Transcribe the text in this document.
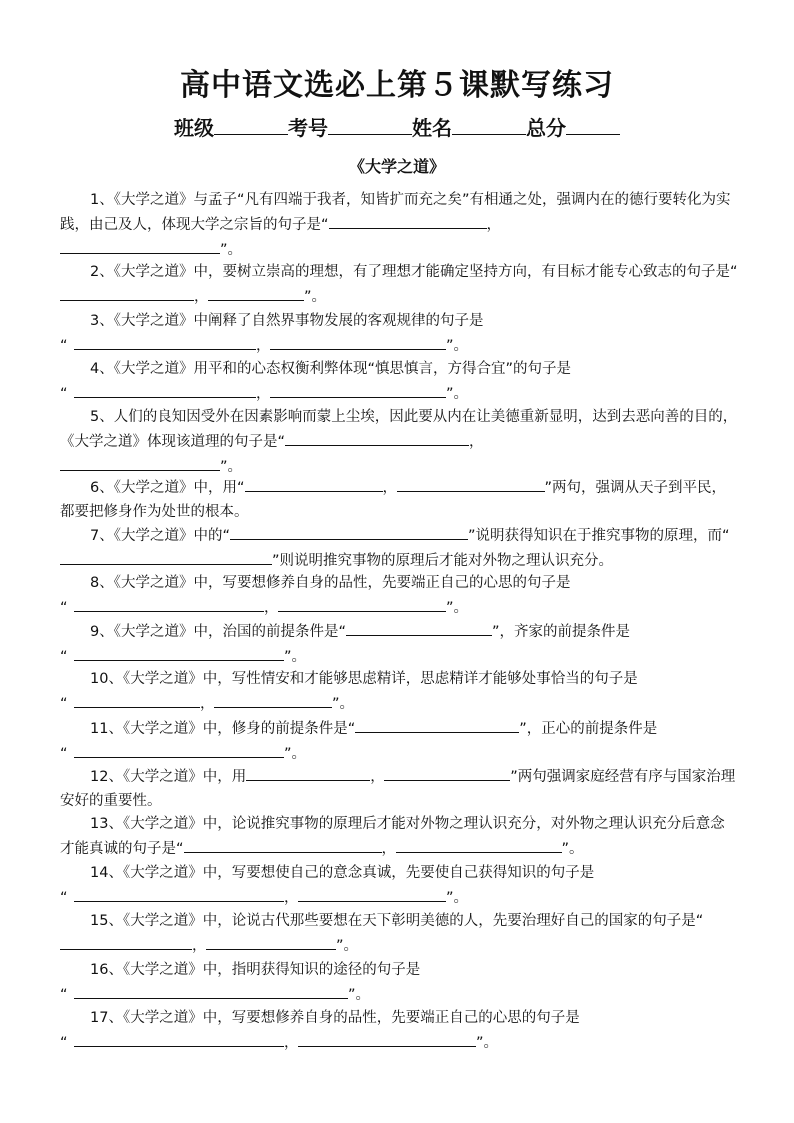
高中语文选必上第５课默写练习
班级	考号	姓名	总分
《大学之道》

1、《大学之道》与孟子“凡有四端于我者，知皆扩而充之矣”有相通之处，强调内在的德行要转化为实践，由己及人，体现大学之宗旨的句子是“	，

”。

2、《大学之道》中，要树立崇高的理想，有了理想才能确定坚持方向，有目标才能专心致志的句子是“，	”。

3、《大学之道》中阐释了自然界事物发展的客观规律的句子是

“	，	”。

4、《大学之道》用平和的心态权衡利弊体现“慎思慎言，方得合宜”的句子是

“	，	”。

5、人们的良知因受外在因素影响而蒙上尘埃，因此要从内在让美德重新显明，达到去恶向善的目的，《大学之道》体现该道理的句子是“	，

”。

6、《大学之道》中，用“	，	”两句，强调从天子到平民，都要把修身作为处世的根本。

7、《大学之道》中的“	”说明获得知识在于推究事物的原理，而“”则说明推究事物的原理后才能对外物之理认识充分。

8、《大学之道》中，写要想修养自身的品性，先要端正自己的心思的句子是

“	，	”。

9、《大学之道》中，治国的前提条件是“	”，齐家的前提条件是

“	”。

10、《大学之道》中，写性情安和才能够思虑精详，思虑精详才能够处事恰当的句子是

“	，	”。

11、《大学之道》中，修身的前提条件是“	”，正心的前提条件是

“	”。

12、《大学之道》中，用	，	”两句强调家庭经营有序与国家治理安好的重要性。

13、《大学之道》中，论说推究事物的原理后才能对外物之理认识充分，对外物之理认识充分后意念才能真诚的句子是“	，	”。

14、《大学之道》中，写要想使自己的意念真诚，先要使自己获得知识的句子是

“	，	”。

15、《大学之道》中，论说古代那些要想在天下彰明美德的人，先要治理好自己的国家的句子是“，	”。

16、《大学之道》中，指明获得知识的途径的句子是

“	”。

17、《大学之道》中，写要想修养自身的品性，先要端正自己的心思的句子是

“	，	”。
